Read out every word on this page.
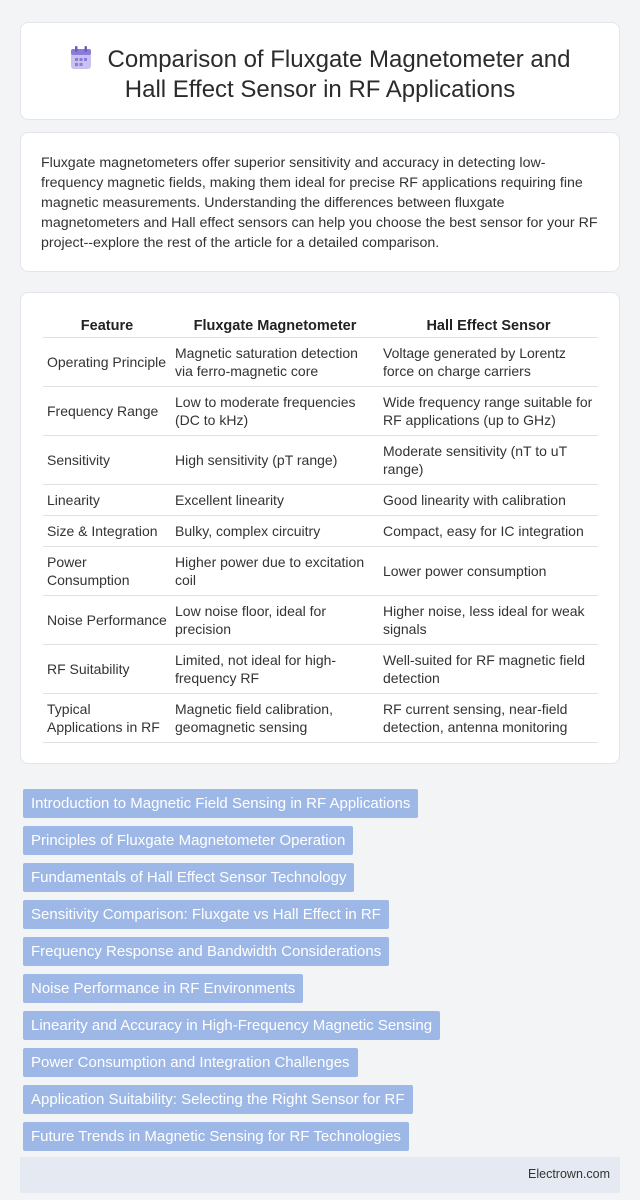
Comparison of Fluxgate Magnetometer and
Hall Effect Sensor in RF Applications

Fluxgate magnetometers offer superior sensitivity and accuracy in detecting low-frequency magnetic fields, making them ideal for precise RF applications requiring fine magnetic measurements. Understanding the differences between fluxgate magnetometers and Hall effect sensors can help you choose the best sensor for your RF project--explore the rest of the article for a detailed comparison.

Feature	Fluxgate Magnetometer	Hall Effect Sensor
Operating Principle	Magnetic saturation detection via ferro-magnetic core	Voltage generated by Lorentz force on charge carriers
Frequency Range	Low to moderate frequencies (DC to kHz)	Wide frequency range suitable for RF applications (up to GHz)
Sensitivity	High sensitivity (pT range)	Moderate sensitivity (nT to uT range)
Linearity	Excellent linearity	Good linearity with calibration
Size & Integration	Bulky, complex circuitry	Compact, easy for IC integration
Power Consumption	Higher power due to excitation coil	Lower power consumption
Noise Performance	Low noise floor, ideal for precision	Higher noise, less ideal for weak signals
RF Suitability	Limited, not ideal for high-frequency RF	Well-suited for RF magnetic field detection
Typical Applications in RF	Magnetic field calibration, geomagnetic sensing	RF current sensing, near-field detection, antenna monitoring
Introduction to Magnetic Field Sensing in RF Applications
Principles of Fluxgate Magnetometer Operation
Fundamentals of Hall Effect Sensor Technology
Sensitivity Comparison: Fluxgate vs Hall Effect in RF
Frequency Response and Bandwidth Considerations
Noise Performance in RF Environments
Linearity and Accuracy in High-Frequency Magnetic Sensing
Power Consumption and Integration Challenges
Application Suitability: Selecting the Right Sensor for RF
Future Trends in Magnetic Sensing for RF Technologies
Electrown.com
